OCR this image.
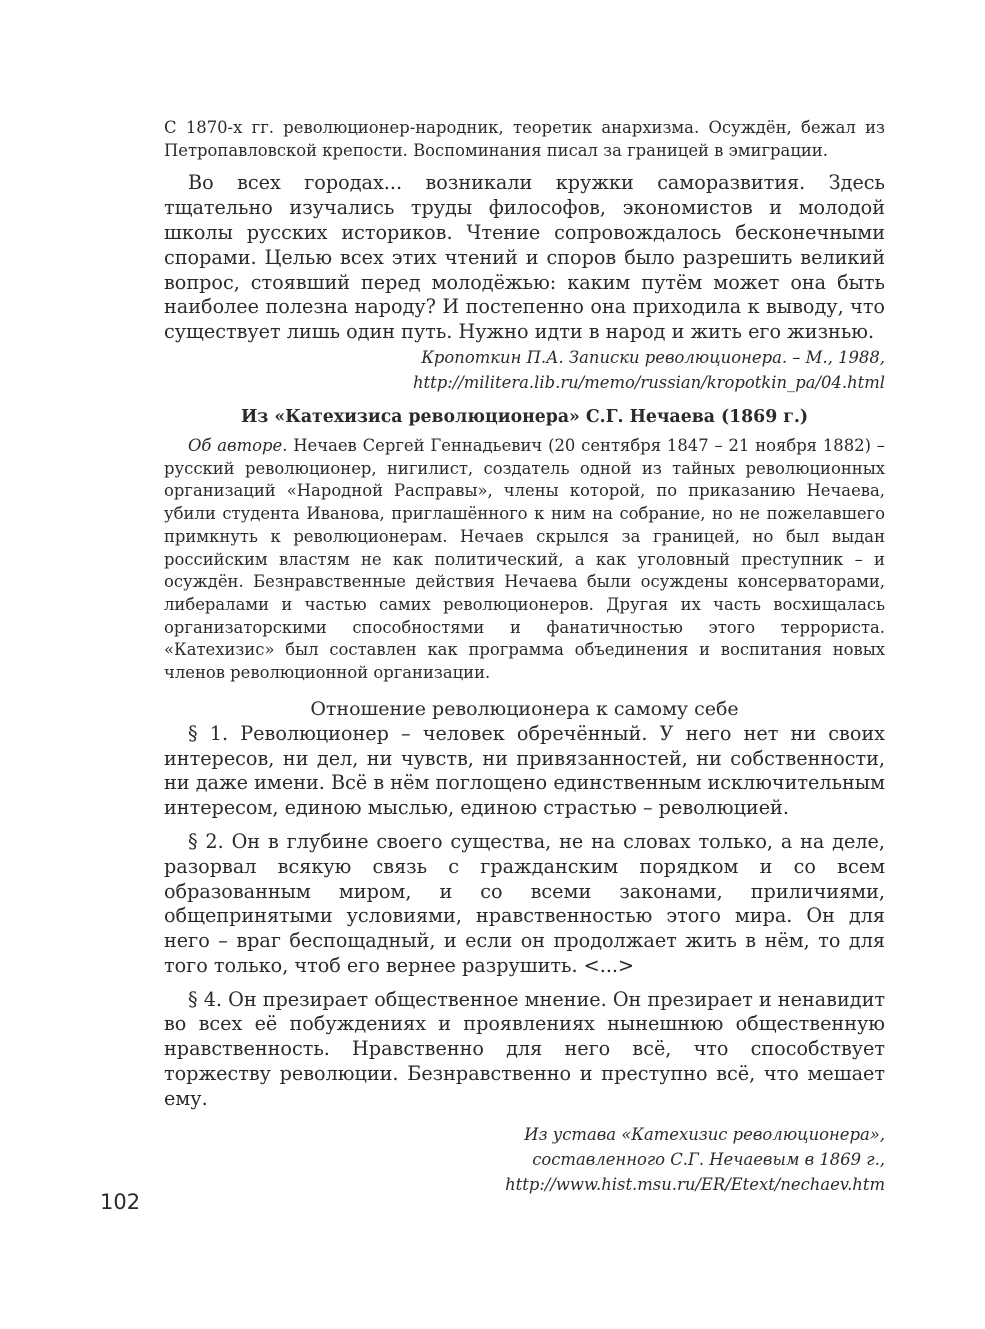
С 1870-х гг. революционер-народник, теоретик анархизма. Осуждён, бежал из Петропавловской крепости. Воспоминания писал за границей в эмиграции.

Во всех городах... возникали кружки саморазвития. Здесь тщательно изучались труды философов, экономистов и молодой школы русских историков. Чтение сопровождалось бесконечными спорами. Целью всех этих чтений и споров было разрешить великий вопрос, стоявший перед молодёжью: каким путём может она быть наиболее полезна народу? И постепенно она приходила к выводу, что существует лишь один путь. Нужно идти в народ и жить его жизнью.

Кропоткин П.А. Записки революционера. – М., 1988,
http://militera.lib.ru/memo/russian/kropotkin_pa/04.html
Из «Катехизиса революционера» С.Г. Нечаева (1869 г.)

Об авторе. Нечаев Сергей Геннадьевич (20 сентября 1847 – 21 ноября 1882) – русский революционер, нигилист, создатель одной из тайных революционных организаций «Народной Расправы», члены которой, по приказанию Нечаева, убили студента Иванова, приглашённого к ним на собрание, но не пожелавшего примкнуть к революционерам. Нечаев скрылся за границей, но был выдан российским властям не как политический, а как уголовный преступник – и осуждён. Безнравственные действия Нечаева были осуждены консерваторами, либералами и частью самих революционеров. Другая их часть восхищалась организаторскими способностями и фанатичностью этого террориста. «Катехизис» был составлен как программа объединения и воспитания новых членов революционной организации.

Отношение революционера к самому себе

§ 1. Революционер – человек обречённый. У него нет ни своих интересов, ни дел, ни чувств, ни привязанностей, ни собственности, ни даже имени. Всё в нём поглощено единственным исключительным интересом, единою мыслью, единою страстью – революцией.

§ 2. Он в глубине своего существа, не на словах только, а на деле, разорвал всякую связь с гражданским порядком и со всем образованным миром, и со всеми законами, приличиями, общепринятыми условиями, нравственностью этого мира. Он для него – враг беспощадный, и если он продолжает жить в нём, то для того только, чтоб его вернее разрушить. <...>

§ 4. Он презирает общественное мнение. Он презирает и ненавидит во всех её побуждениях и проявлениях нынешнюю общественную нравственность. Нравственно для него всё, что способствует торжеству революции. Безнравственно и преступно всё, что мешает ему.

Из устава «Катехизис революционера»,
составленного С.Г. Нечаевым в 1869 г.,
http://www.hist.msu.ru/ER/Etext/nechaev.htm
102
